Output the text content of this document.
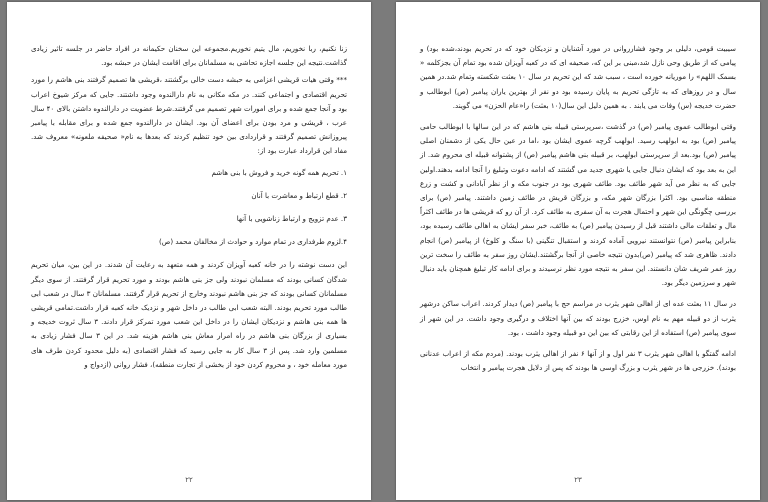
زنا نکنیم، ربا نخوریم، مال یتیم نخوریم.مجموعه این سخنان حکیمانه در افراد حاضر در جلسه تاثیر زیادی گذاشت.نتیجه این جلسه اجازه تحاشی به مسلمانان برای اقامت ایشان در حبشه بود.

*** وقتی هیات قریشی اعزامی به حبشه دست خالی برگشتند ،قریشی ها تصمیم گرفتند بنی هاشم را مورد تحریم اقتصادی و اجتماعی کنند. در مکه مکانی به نام دارالندوه وجود داشتند. جایی که مرکز شیوخ اعراب بود و آنجا جمع شده و برای امورات شهر تصمیم می گرفتند.شرط عضویت در دارالندوه داشتن بالای ۴۰ سال عرب ، قریشی و مرد بودن برای اعضای آن بود. ایشان در دارالندوه جمع شده و برای مقابله با پیامبر پیروزانش تصمیم گرفتند و قراردادی بین خود تنظیم کردند که بعدها به نام« صحیفه ملعونه» معروف شد. مفاد این قرارداد عبارت بود از:

۱. تحریم همه گونه خرید و فروش با بنی هاشم

۲. قطع ارتباط و معاشرت با آنان

۳. عدم تزویج و ارتباط زناشویی با آنها

۴.لزوم طرفداری در تمام موارد و حوادث از مخالفان محمد (ص)

این دست نوشته را در خانه کعبه آویزان کردند و همه متعهد به رعایت آن شدند. در این بین، میان تحریم شدگان کسانی بودند که مسلمان نبودند ولی جز بنی هاشم بودند و مورد تحریم قرار گرفتند. از سوی دیگر مسلمانان کسانی بودند که جز بنی هاشم نبودند وخارج از تحریم قرار گرفتند. مسلمانان ۳ سال در شعب ابی طالب مورد تحریم بودند. البته شعب ابی طالب در داخل شهر و نزدیک خانه کعبه قرار داشت.تمامی قریشی ها همه بنی هاشم و نزدیکان ایشان را در داخل این شعب مورد تمرکز قرار دادند. ۳ سال ثروت خدیجه و بسیاری از بزرگان بنی هاشم در راه امرار معاش بنی هاشم هزینه شد. در این ۳ سال فشار زیادی به مسلمین وارد شد. پس از ۳ سال کار به جایی رسید که فشار اقتصادی (به دلیل محدود کردن طرف های مورد معامله خود ، و محروم کردن خود از بخشی از تجارت منطقه)، فشار روانی (ازدواج و

۲۲

سیبیت قومی، دلیلی بر وجود فشارروانی در مورد آشنایان و نزدیکان خود که در تحریم بودند،شده بود) و پیامی که از طریق وحی نازل شد،مبنی بر این که، صحیفه ای که در کعبه آویزان شده بود تمام آن بجزکلمه « بسمک اللهم» را موریانه خورده است ، سبب شد که این تحریم در سال ۱۰ بعثت شکسته وتمام شد.در همین سال و در روزهای که به تازگی تحریم به پایان رسیده بود دو نفر از بهترین یاران پیامبر (ص) ابوطالب و حضرت خدیجه (س) وفات می یابند . به همین دلیل این سال(۱۰ بعثت) را«عام الحزن» می گویند.

وقتی ابوطالب عموی پیامبر (ص) در گذشت ،سرپرستی قبیله بنی هاشم که در این سالها با ابوطالب حامی پیامبر (ص) بود به ابولهب رسید. ابولهب گرچه عموی ایشان بود ،اما در عین حال یکی از دشمنان اصلی پیامبر (ص) بود.بعد از سرپرستی ابولهب، بر قبیله بنی هاشم پیامبر (ص) از پشتوانه قبیله ای محروم شد. از این به بعد بود که ایشان دنبال جایی یا شهری جدید می گشتند که ادامه دعوت وتبلیغ را آنجا ادامه بدهند.اولین جایی که به نظر می آید شهر طائف بود. طائف شهری بود در جنوب مکه و از نظر آبادانی و کشت و زرع منطقه مناسبی بود. اکثرا بزرگان شهر مکه، و بزرگان قریش در طائف زمین داشتند. پیامبر (ص) برای بررسی چگونگی این شهر و احتمال هجرت به آن سفری به طائف کرد. از آن رو که قریشی ها در طائف اکثراً مال و تعلقات مالی داشتند قبل از رسیدن پیامبر (ص) به طائف، خبر سفر ایشان به اهالی طائف رسیده بود، بنابراین پیامبر (ص) نتوانستند نیرویی آماده کردند و استقبال تنگینی (با سنگ و کلوخ) از پیامبر (ص) انجام دادند. ظاهری شد که پیامبر (ص)بدون نتیجه خاصی از آنجا برگشتند.ایشان روز سفر به طائف را سخت ترین روز عمر شریف شان دانستند. این سفر به نتیجه مورد نظر نرسیدند و برای ادامه کار تبلیغ همچنان باید دنبال شهر و سرزمین دیگر بود.

در سال ۱۱ بعثت عده ای از اهالی شهر یثرب در مراسم حج با پیامبر (ص) دیدار کردند. اعراب ساکن درشهر یثرب از دو قبیله مهم به نام اوس، خزرج بودند که بین آنها اختلاف و درگیری وجود داشت. در این شهر از سوی پیامبر (ص) استفاده از این رقابتی که بین این دو قبیله وجود داشت ، بود.

ادامه گفتگو با اهالی شهر یثرب ۳ نفر اول و از آنها ۶ نفر از اهالی یثرب بودند. (مردم مکه از اعراب عدنانی بودند). خزرجی ها در شهر یثرب و بزرگ اوسی ها بودند که پس از دلایل هجرت پیامبر و انتخاب

۲۳
